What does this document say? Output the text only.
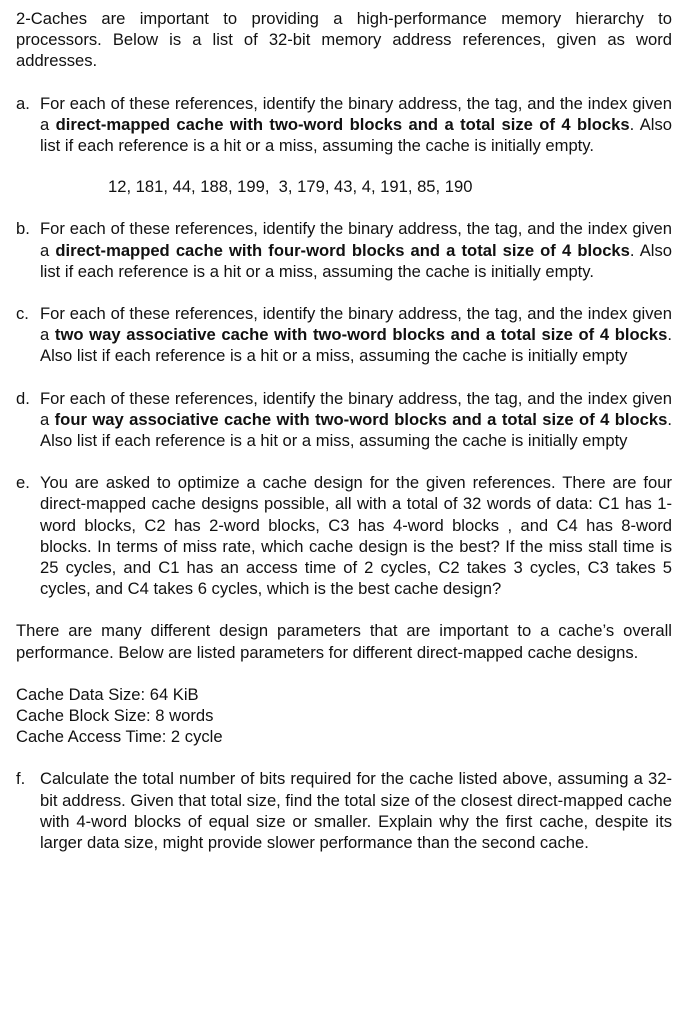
2-Caches are important to providing a high-performance memory hierarchy to processors. Below is a list of 32-bit memory address references, given as word addresses.

a. For each of these references, identify the binary address, the tag, and the index given a direct-mapped cache with two-word blocks and a total size of 4 blocks. Also list if each reference is a hit or a miss, assuming the cache is initially empty.
12, 181, 44, 188, 199,  3, 179, 43, 4, 191, 85, 190
b. For each of these references, identify the binary address, the tag, and the index given a direct-mapped cache with four-word blocks and a total size of 4 blocks. Also list if each reference is a hit or a miss, assuming the cache is initially empty.
c. For each of these references, identify the binary address, the tag, and the index given a two way associative cache with two-word blocks and a total size of 4 blocks. Also list if each reference is a hit or a miss, assuming the cache is initially empty
d. For each of these references, identify the binary address, the tag, and the index given a four way associative cache with two-word blocks and a total size of 4 blocks. Also list if each reference is a hit or a miss, assuming the cache is initially empty
e. You are asked to optimize a cache design for the given references. There are four direct-mapped cache designs possible, all with a total of 32 words of data: C1 has 1-word blocks, C2 has 2-word blocks, C3 has 4-word blocks , and C4 has 8-word blocks. In terms of miss rate, which cache design is the best? If the miss stall time is 25 cycles, and C1 has an access time of 2 cycles, C2 takes 3 cycles, C3 takes 5 cycles, and C4 takes 6 cycles, which is the best cache design?

There are many different design parameters that are important to a cache’s overall performance. Below are listed parameters for different direct-mapped cache designs.

Cache Data Size: 64 KiB

Cache Block Size: 8 words

Cache Access Time: 2 cycle

f. Calculate the total number of bits required for the cache listed above, assuming a 32-bit address. Given that total size, find the total size of the closest direct-mapped cache with 4-word blocks of equal size or smaller. Explain why the first cache, despite its larger data size, might provide slower performance than the second cache.
